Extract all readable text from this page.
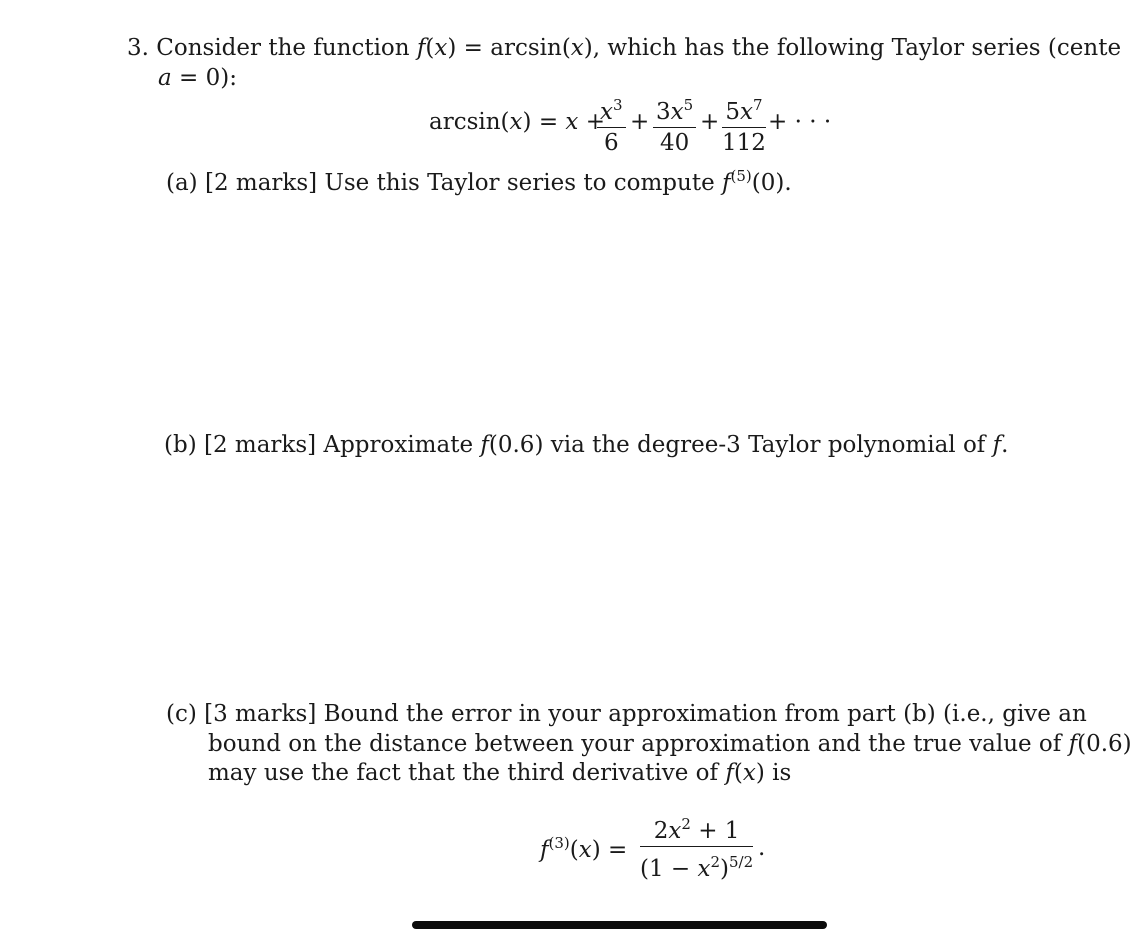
3. Consider the function f(x) = arcsin(x), which has the following Taylor series (cente
a = 0):
arcsin(x) = x +
$\frac{x^3}{6} + \frac{3x^5}{40} + \frac{5x^7}{112}$ + · · ·
(a) [2 marks] Use this Taylor series to compute $f^{(5)}(0)$.
(b) [2 marks] Approximate f(0.6) via the degree-3 Taylor polynomial of f.
(c) [3 marks] Bound the error in your approximation from part (b) (i.e., give an
bound on the distance between your approximation and the true value of f(0.6)
may use the fact that the third derivative of f(x) is
$f^{(3)}(x) = \frac{2x^2 + 1}{(1 - x^2)^{5/2}}$ .
